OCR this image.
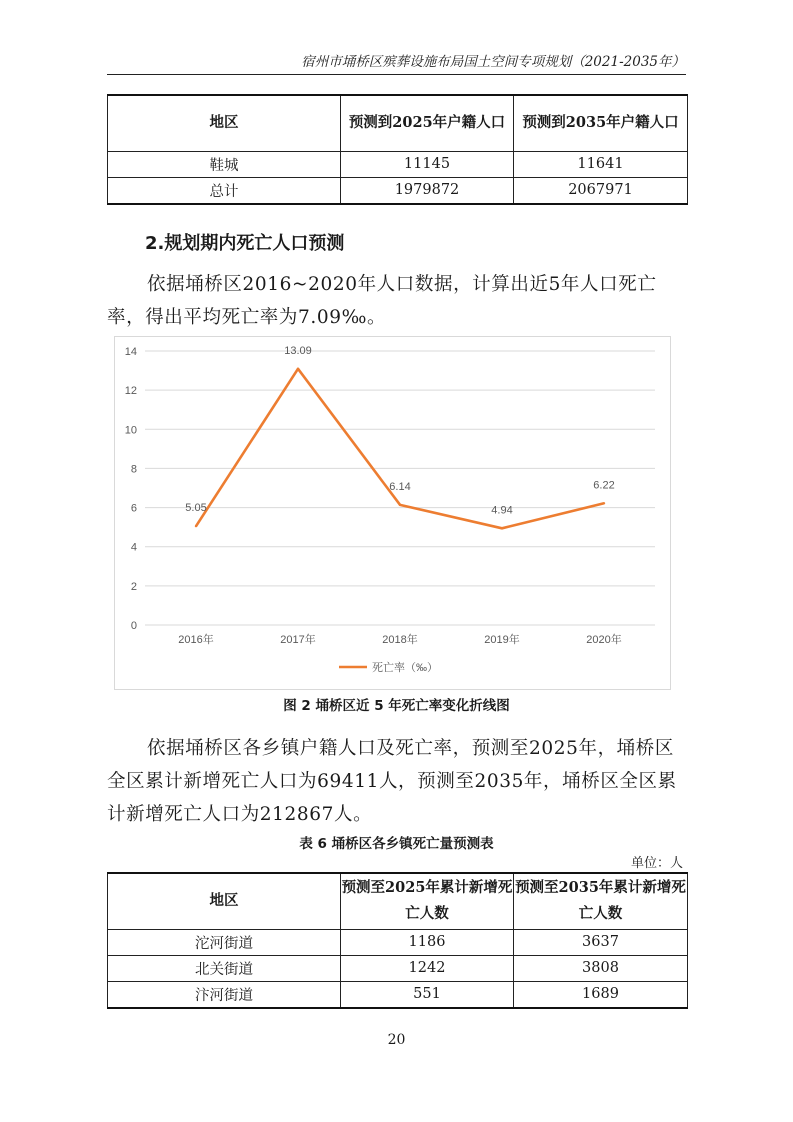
宿州市埇桥区殡葬设施布局国土空间专项规划（2021-2035年）
地区	预测到2025年户籍人口	预测到2035年户籍人口
鞋城	11145	11641
总计	1979872	2067971
2.规划期内死亡人口预测
依据埇桥区2016~2020年人口数据，计算出近5年人口死亡率，得出平均死亡率为7.09‰。
0
2
4
6
8
10
12
14
2016年	2017年	2018年	2019年	2020年
5.05
13.09
6.14
4.94
6.22
死亡率（‰）
图 2 埇桥区近 5 年死亡率变化折线图
依据埇桥区各乡镇户籍人口及死亡率，预测至2025年，埇桥区全区累计新增死亡人口为69411人，预测至2035年，埇桥区全区累计新增死亡人口为212867人。
表 6 埇桥区各乡镇死亡量预测表
单位：人
地区	预测至2025年累计新增死亡人数	预测至2035年累计新增死亡人数
沱河街道	1186	3637
北关街道	1242	3808
汴河街道	551	1689
20
